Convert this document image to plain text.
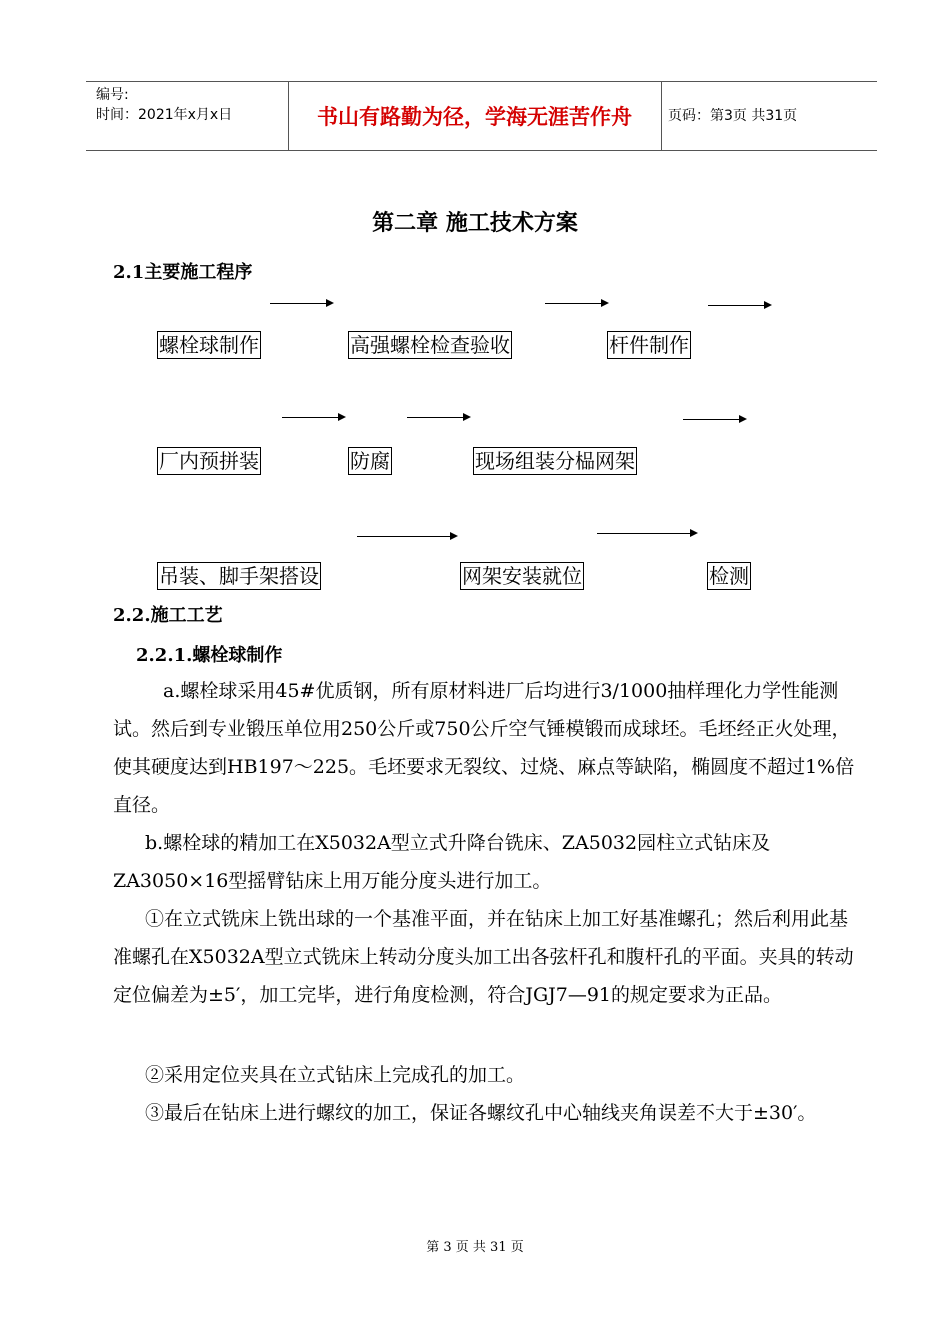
编号:
时间：2021年x月x日	书山有路勤为径，学海无涯苦作舟	页码：第3页 共31页
第二章 施工技术方案
2.1主要施工程序
螺栓球制作	高强螺栓检查验收	杆件制作
厂内预拼装	防腐	现场组装分榀网架
吊装、脚手架搭设	网架安装就位	检测
2.2.施工工艺
2.2.1.螺栓球制作
a.螺栓球采用45#优质钢，所有原材料进厂后均进行3/1000抽样理化力学性能测试。然后到专业锻压单位用250公斤或750公斤空气锤模锻而成球坯。毛坯经正火处理，使其硬度达到HB197～225。毛坯要求无裂纹、过烧、麻点等缺陷，椭圆度不超过1%倍直径。
b.螺栓球的精加工在X5032A型立式升降台铣床、ZA5032园柱立式钻床及ZA3050×16型摇臂钻床上用万能分度头进行加工。
①在立式铣床上铣出球的一个基准平面，并在钻床上加工好基准螺孔；然后利用此基准螺孔在X5032A型立式铣床上转动分度头加工出各弦杆孔和腹杆孔的平面。夹具的转动定位偏差为±5′，加工完毕，进行角度检测，符合JGJ7—91的规定要求为正品。
②采用定位夹具在立式钻床上完成孔的加工。
③最后在钻床上进行螺纹的加工，保证各螺纹孔中心轴线夹角误差不大于±30′。
第 3 页 共 31 页
